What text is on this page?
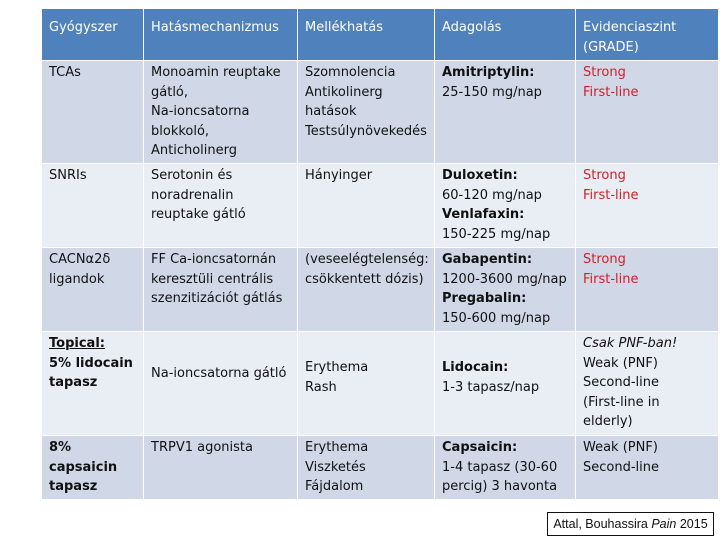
Gyógyszer	Hatásmechanizmus	Mellékhatás	Adagolás	Evidenciaszint (GRADE)
TCAs	Monoamin reuptake gátló,
Na-ioncsatorna blokkoló,
Anticholinerg	Szomnolencia
Antikolinerg hatások
Testsúlynövekedés	Amitriptylin:
25-150 mg/nap	Strong
First-line

SNRIs	Serotonin és noradrenalin reuptake gátló	Hányinger	Duloxetin:
60-120 mg/nap
Venlafaxin:
150-225 mg/nap	Strong
First-line

CACNα2δ ligandok	FF Ca-ioncsatornán keresztüli centrális szenzitizációt gátlás	(veseelégtelenség: csökkentett dózis)	Gabapentin:
1200-3600 mg/nap
Pregabalin:
150-600 mg/nap	Strong
First-line

Topical:
5% lidocain tapasz	Na-ioncsatorna gátló	Erythema
Rash	Lidocain:
1-3 tapasz/nap	Csak PNF-ban!
Weak (PNF)
Second-line
(First-line in elderly)

8% capsaicin tapasz	TRPV1 agonista	Erythema
Viszketés
Fájdalom	Capsaicin:
1-4 tapasz (30-60 percig) 3 havonta	Weak (PNF)
Second-line
Attal, Bouhassira Pain 2015
